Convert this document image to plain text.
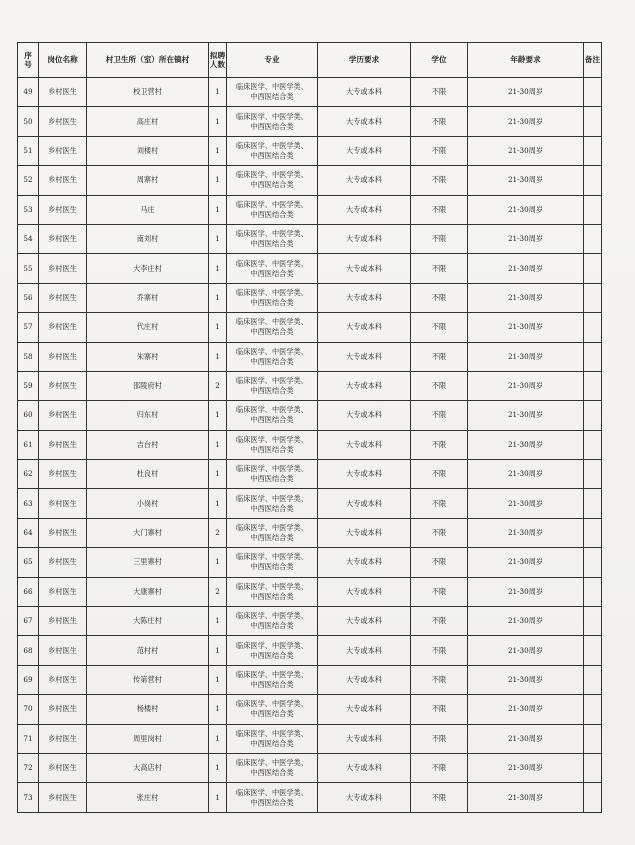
序
号	岗位名称	村卫生所（室）所在镇村	拟聘
人数	专业	学历要求	学位	年龄要求	备注
49	乡村医生	校卫营村	1	临床医学、中医学类、
中西医结合类	大专或本科	不限	21-30周岁	
50	乡村医生	高庄村	1	临床医学、中医学类、
中西医结合类	大专或本科	不限	21-30周岁	
51	乡村医生	刘楼村	1	临床医学、中医学类、
中西医结合类	大专或本科	不限	21-30周岁	
52	乡村医生	周寨村	1	临床医学、中医学类、
中西医结合类	大专或本科	不限	21-30周岁	
53	乡村医生	马庄	1	临床医学、中医学类、
中西医结合类	大专或本科	不限	21-30周岁	
54	乡村医生	南刘村	1	临床医学、中医学类、
中西医结合类	大专或本科	不限	21-30周岁	
55	乡村医生	大李庄村	1	临床医学、中医学类、
中西医结合类	大专或本科	不限	21-30周岁	
56	乡村医生	乔寨村	1	临床医学、中医学类、
中西医结合类	大专或本科	不限	21-30周岁	
57	乡村医生	代庄村	1	临床医学、中医学类、
中西医结合类	大专或本科	不限	21-30周岁	
58	乡村医生	朱寨村	1	临床医学、中医学类、
中西医结合类	大专或本科	不限	21-30周岁	
59	乡村医生	邵陵府村	2	临床医学、中医学类、
中西医结合类	大专或本科	不限	21-30周岁	
60	乡村医生	归东村	1	临床医学、中医学类、
中西医结合类	大专或本科	不限	21-30周岁	
61	乡村医生	吉台村	1	临床医学、中医学类、
中西医结合类	大专或本科	不限	21-30周岁	
62	乡村医生	杜良村	1	临床医学、中医学类、
中西医结合类	大专或本科	不限	21-30周岁	
63	乡村医生	小岗村	1	临床医学、中医学类、
中西医结合类	大专或本科	不限	21-30周岁	
64	乡村医生	大门寨村	2	临床医学、中医学类、
中西医结合类	大专或本科	不限	21-30周岁	
65	乡村医生	三里寨村	1	临床医学、中医学类、
中西医结合类	大专或本科	不限	21-30周岁	
66	乡村医生	大康寨村	2	临床医学、中医学类、
中西医结合类	大专或本科	不限	21-30周岁	
67	乡村医生	大陈庄村	1	临床医学、中医学类、
中西医结合类	大专或本科	不限	21-30周岁	
68	乡村医生	范村村	1	临床医学、中医学类、
中西医结合类	大专或本科	不限	21-30周岁	
69	乡村医生	传第营村	1	临床医学、中医学类、
中西医结合类	大专或本科	不限	21-30周岁	
70	乡村医生	杨楼村	1	临床医学、中医学类、
中西医结合类	大专或本科	不限	21-30周岁	
71	乡村医生	周里岗村	1	临床医学、中医学类、
中西医结合类	大专或本科	不限	21-30周岁	
72	乡村医生	大高店村	1	临床医学、中医学类、
中西医结合类	大专或本科	不限	21-30周岁	
73	乡村医生	张庄村	1	临床医学、中医学类、
中西医结合类	大专或本科	不限	21-30周岁	
